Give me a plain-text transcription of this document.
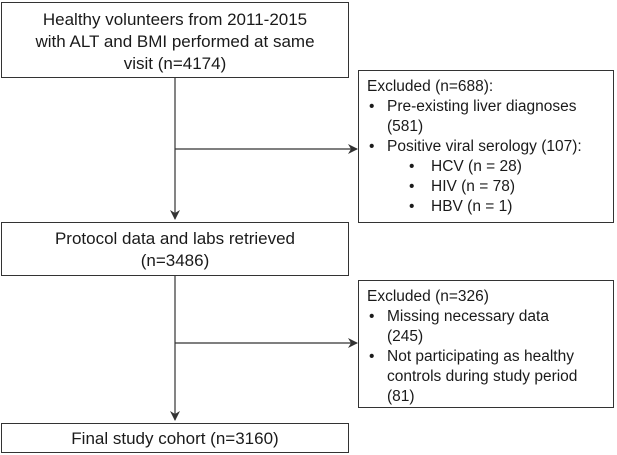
Healthy volunteers from 2011-2015
with ALT and BMI performed at same
visit (n=4174)
Excluded (n=688):
• Pre-existing liver diagnoses
(581)
• Positive viral serology (107):
• HCV (n = 28)
• HIV (n = 78)
• HBV (n = 1)
Protocol data and labs retrieved
(n=3486)
Excluded (n=326)
• Missing necessary data
(245)
• Not participating as healthy
controls during study period
(81)
Final study cohort (n=3160)
